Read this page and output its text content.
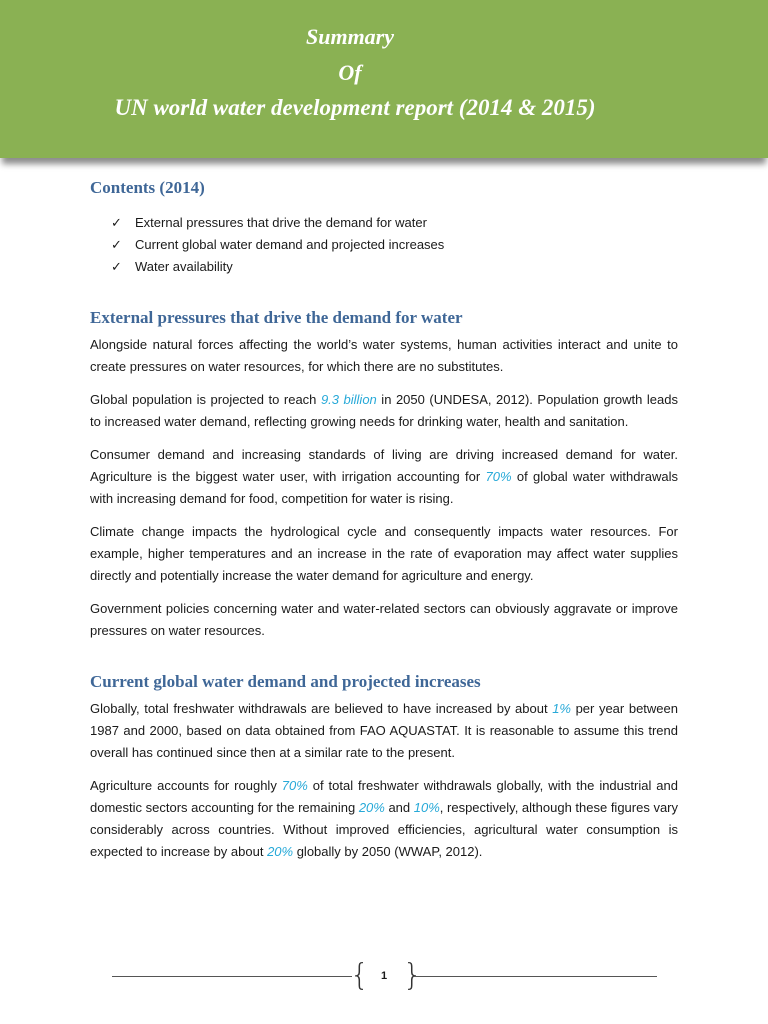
Summary
Of
UN world water development report (2014 & 2015)
Contents (2014)
✓ External pressures that drive the demand for water
✓ Current global water demand and projected increases
✓ Water availability
External pressures that drive the demand for water

Alongside natural forces affecting the world’s water systems, human activities interact and unite to create pressures on water resources, for which there are no substitutes.

Global population is projected to reach 9.3 billion in 2050 (UNDESA, 2012). Population growth leads to increased water demand, reflecting growing needs for drinking water, health and sanitation.

Consumer demand and increasing standards of living are driving increased demand for water. Agriculture is the biggest water user, with irrigation accounting for 70% of global water withdrawals with increasing demand for food, competition for water is rising.

Climate change impacts the hydrological cycle and consequently impacts water resources. For example, higher temperatures and an increase in the rate of evaporation may affect water supplies directly and potentially increase the water demand for agriculture and energy.

Government policies concerning water and water-related sectors can obviously aggravate or improve pressures on water resources.

Current global water demand and projected increases

Globally, total freshwater withdrawals are believed to have increased by about 1% per year between 1987 and 2000, based on data obtained from FAO AQUASTAT. It is reasonable to assume this trend overall has continued since then at a similar rate to the present.

Agriculture accounts for roughly 70% of total freshwater withdrawals globally, with the industrial and domestic sectors accounting for the remaining 20% and 10%, respectively, although these figures vary considerably across countries. Without improved efficiencies, agricultural water consumption is expected to increase by about 20% globally by 2050 (WWAP, 2012).

{	1 }
